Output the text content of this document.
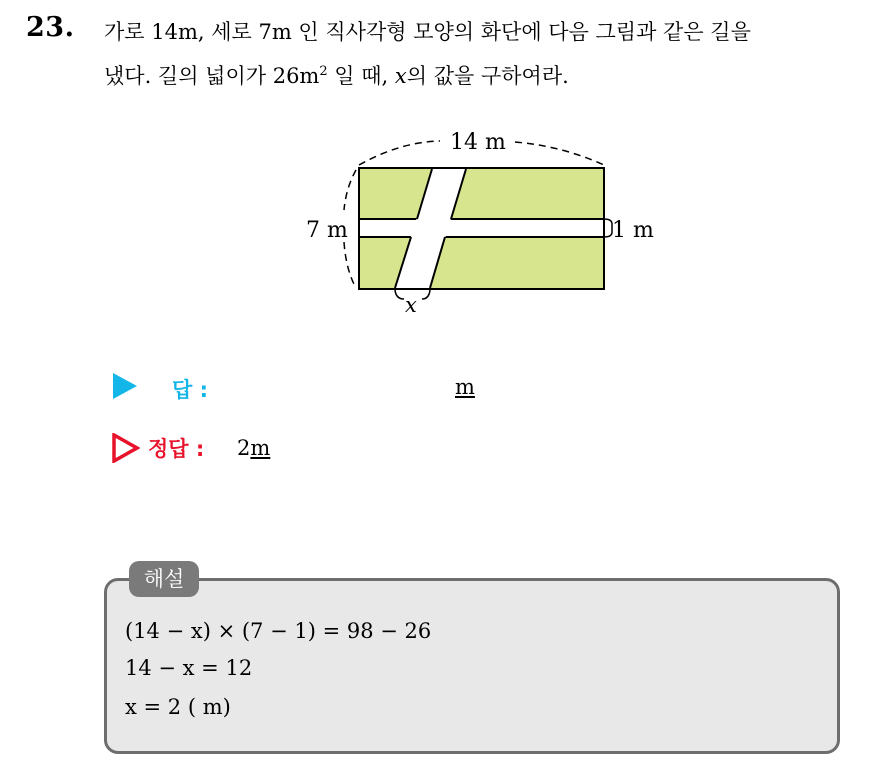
23. 가로 14m, 세로 7m 인 직사각형 모양의 화단에 다음 그림과 같은 길을
냈다. 길의 넓이가 $26m^2$ 일 때, x의 값을 구하여라.
14 m
7 m	1 m
x
답 :	m
정답 : 2m
해설
(14 − x) × (7 − 1) = 98 − 26
14 − x = 12
x = 2 ( m)
